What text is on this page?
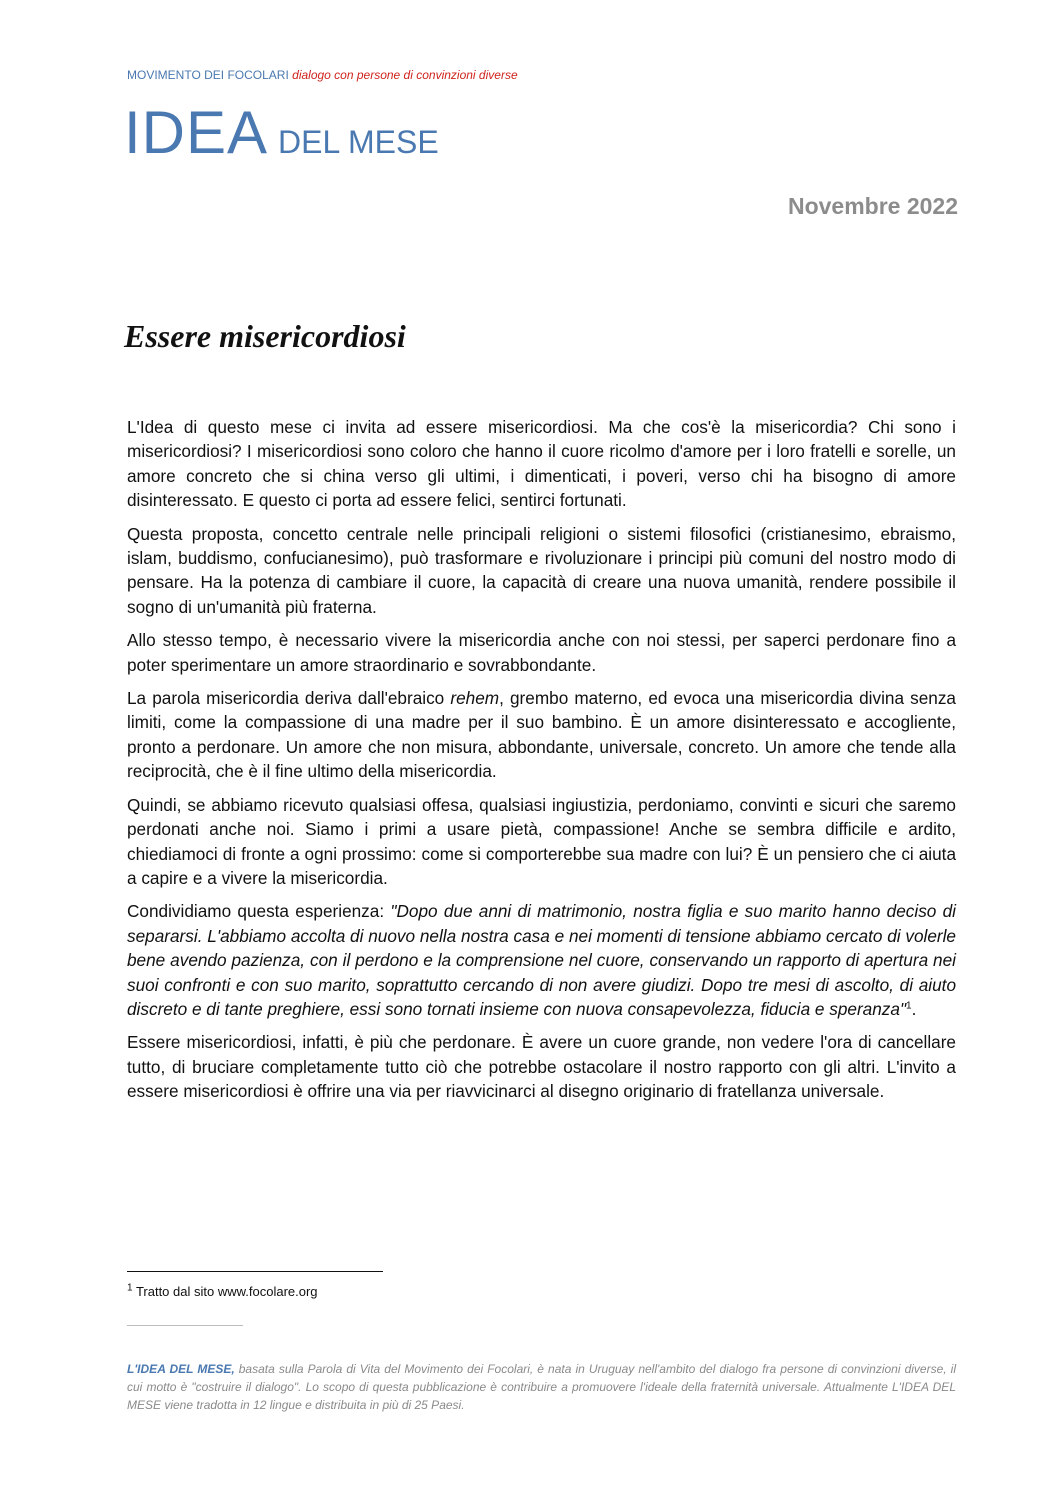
MOVIMENTO DEI FOCOLARI dialogo con persone di convinzioni diverse
IDEA DEL MESE
Novembre 2022
Essere misericordiosi

L'Idea di questo mese ci invita ad essere misericordiosi. Ma che cos'è la misericordia? Chi sono i misericordiosi? I misericordiosi sono coloro che hanno il cuore ricolmo d'amore per i loro fratelli e sorelle, un amore concreto che si china verso gli ultimi, i dimenticati, i poveri, verso chi ha bisogno di amore disinteressato. E questo ci porta ad essere felici, sentirci fortunati.

Questa proposta, concetto centrale nelle principali religioni o sistemi filosofici (cristianesimo, ebraismo, islam, buddismo, confucianesimo), può trasformare e rivoluzionare i principi più comuni del nostro modo di pensare. Ha la potenza di cambiare il cuore, la capacità di creare una nuova umanità, rendere possibile il sogno di un'umanità più fraterna.

Allo stesso tempo, è necessario vivere la misericordia anche con noi stessi, per saperci perdonare fino a poter sperimentare un amore straordinario e sovrabbondante.

La parola misericordia deriva dall'ebraico rehem, grembo materno, ed evoca una misericordia divina senza limiti, come la compassione di una madre per il suo bambino. È un amore disinteressato e accogliente, pronto a perdonare. Un amore che non misura, abbondante, universale, concreto. Un amore che tende alla reciprocità, che è il fine ultimo della misericordia.

Quindi, se abbiamo ricevuto qualsiasi offesa, qualsiasi ingiustizia, perdoniamo, convinti e sicuri che saremo perdonati anche noi. Siamo i primi a usare pietà, compassione! Anche se sembra difficile e ardito, chiediamoci di fronte a ogni prossimo: come si comporterebbe sua madre con lui? È un pensiero che ci aiuta a capire e a vivere la misericordia.

Condividiamo questa esperienza: "Dopo due anni di matrimonio, nostra figlia e suo marito hanno deciso di separarsi. L'abbiamo accolta di nuovo nella nostra casa e nei momenti di tensione abbiamo cercato di volerle bene avendo pazienza, con il perdono e la comprensione nel cuore, conservando un rapporto di apertura nei suoi confronti e con suo marito, soprattutto cercando di non avere giudizi. Dopo tre mesi di ascolto, di aiuto discreto e di tante preghiere, essi sono tornati insieme con nuova consapevolezza, fiducia e speranza"$^1$.

Essere misericordiosi, infatti, è più che perdonare. È avere un cuore grande, non vedere l'ora di cancellare tutto, di bruciare completamente tutto ciò che potrebbe ostacolare il nostro rapporto con gli altri. L'invito a essere misericordiosi è offrire una via per riavvicinarci al disegno originario di fratellanza universale.

$^1$ Tratto dal sito www.focolare.org
L'IDEA DEL MESE, basata sulla Parola di Vita del Movimento dei Focolari, è nata in Uruguay nell'ambito del dialogo fra persone di convinzioni diverse, il cui motto è "costruire il dialogo". Lo scopo di questa pubblicazione è contribuire a promuovere l'ideale della fraternità universale. Attualmente L'IDEA DEL MESE viene tradotta in 12 lingue e distribuita in più di 25 Paesi.
